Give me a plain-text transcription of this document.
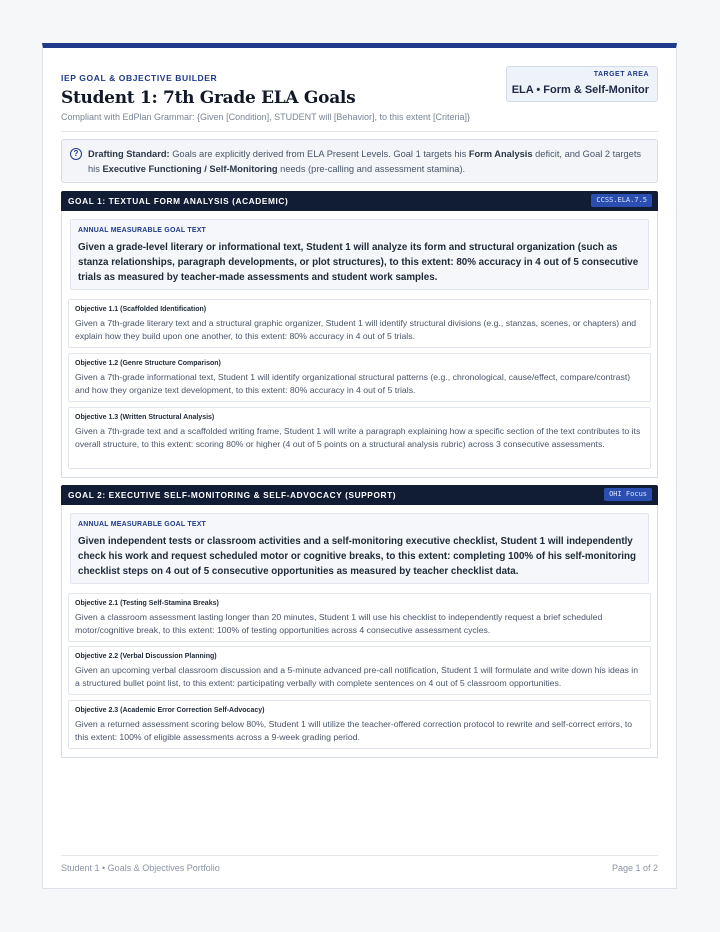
IEP GOAL & OBJECTIVE BUILDER
Student 1: 7th Grade ELA Goals
Compliant with EdPlan Grammar: {Given [Condition], STUDENT will [Behavior], to this extent [Criteria]}
TARGET AREA
ELA • Form & Self-Monitor
?	Drafting Standard: Goals are explicitly derived from ELA Present Levels. Goal 1 targets his Form Analysis deficit, and Goal 2 targets his Executive Functioning / Self-Monitoring needs (pre-calling and assessment stamina).
GOAL 1: TEXTUAL FORM ANALYSIS (ACADEMIC)	CCSS.ELA.7.5
ANNUAL MEASURABLE GOAL TEXT
Given a grade-level literary or informational text, Student 1 will analyze its form and structural organization (such as stanza relationships, paragraph developments, or plot structures), to this extent: 80% accuracy in 4 out of 5 consecutive trials as measured by teacher-made assessments and student work samples.
Objective 1.1 (Scaffolded Identification)
Given a 7th-grade literary text and a structural graphic organizer, Student 1 will identify structural divisions (e.g., stanzas, scenes, or chapters) and explain how they build upon one another, to this extent: 80% accuracy in 4 out of 5 trials.
Objective 1.2 (Genre Structure Comparison)
Given a 7th-grade informational text, Student 1 will identify organizational structural patterns (e.g., chronological, cause/effect, compare/contrast) and how they organize text development, to this extent: 80% accuracy in 4 out of 5 trials.
Objective 1.3 (Written Structural Analysis)
Given a 7th-grade text and a scaffolded writing frame, Student 1 will write a paragraph explaining how a specific section of the text contributes to its overall structure, to this extent: scoring 80% or higher (4 out of 5 points on a structural analysis rubric) across 3 consecutive assessments.
GOAL 2: EXECUTIVE SELF-MONITORING & SELF-ADVOCACY (SUPPORT)	OHI Focus
ANNUAL MEASURABLE GOAL TEXT
Given independent tests or classroom activities and a self-monitoring executive checklist, Student 1 will independently check his work and request scheduled motor or cognitive breaks, to this extent: completing 100% of his self-monitoring checklist steps on 4 out of 5 consecutive opportunities as measured by teacher checklist data.
Objective 2.1 (Testing Self-Stamina Breaks)
Given a classroom assessment lasting longer than 20 minutes, Student 1 will use his checklist to independently request a brief scheduled motor/cognitive break, to this extent: 100% of testing opportunities across 4 consecutive assessment cycles.
Objective 2.2 (Verbal Discussion Planning)
Given an upcoming verbal classroom discussion and a 5-minute advanced pre-call notification, Student 1 will formulate and write down his ideas in a structured bullet point list, to this extent: participating verbally with complete sentences on 4 out of 5 classroom opportunities.
Objective 2.3 (Academic Error Correction Self-Advocacy)
Given a returned assessment scoring below 80%, Student 1 will utilize the teacher-offered correction protocol to rewrite and self-correct errors, to this extent: 100% of eligible assessments across a 9-week grading period.
Student 1 • Goals & Objectives Portfolio	Page 1 of 2
